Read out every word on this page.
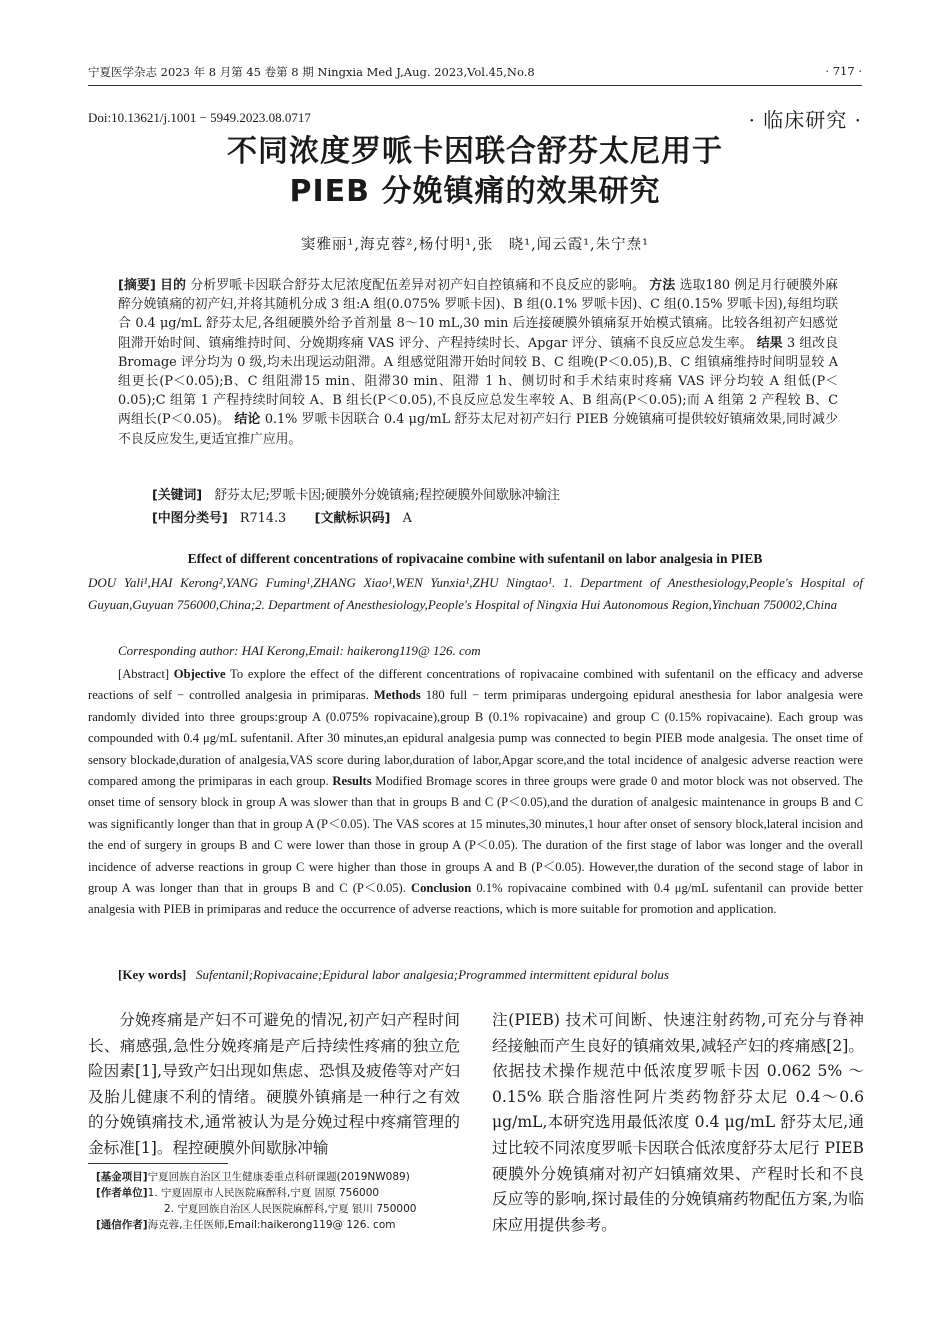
宁夏医学杂志 2023 年 8 月第 45 卷第 8 期 Ningxia Med J,Aug. 2023,Vol.45,No.8	· 717 ·
Doi:10.13621/j.1001 − 5949.2023.08.0717	· 临床研究 ·
不同浓度罗哌卡因联合舒芬太尼用于
PIEB 分娩镇痛的效果研究
窦雅丽¹,海克蓉²,杨付明¹,张　晓¹,闻云霞¹,朱宁焘¹
[摘要] 目的 分析罗哌卡因联合舒芬太尼浓度配伍差异对初产妇自控镇痛和不良反应的影响。 方法 选取180 例足月行硬膜外麻醉分娩镇痛的初产妇,并将其随机分成 3 组:A 组(0.075% 罗哌卡因)、B 组(0.1% 罗哌卡因)、C 组(0.15% 罗哌卡因),每组均联合 0.4 μg/mL 舒芬太尼,各组硬膜外给予首剂量 8～10 mL,30 min 后连接硬膜外镇痛泵开始模式镇痛。比较各组初产妇感觉阻滞开始时间、镇痛维持时间、分娩期疼痛 VAS 评分、产程持续时长、Apgar 评分、镇痛不良反应总发生率。 结果 3 组改良 Bromage 评分均为 0 级,均未出现运动阻滞。A 组感觉阻滞开始时间较 B、C 组晚(P＜0.05),B、C 组镇痛维持时间明显较 A 组更长(P＜0.05);B、C 组阻滞15 min、阻滞30 min、阻滞 1 h、侧切时和手术结束时疼痛 VAS 评分均较 A 组低(P＜0.05);C 组第 1 产程持续时间较 A、B 组长(P＜0.05),不良反应总发生率较 A、B 组高(P＜0.05);而 A 组第 2 产程较 B、C 两组长(P＜0.05)。 结论 0.1% 罗哌卡因联合 0.4 μg/mL 舒芬太尼对初产妇行 PIEB 分娩镇痛可提供较好镇痛效果,同时减少不良反应发生,更适宜推广应用。
[关键词] 舒芬太尼;罗哌卡因;硬膜外分娩镇痛;程控硬膜外间歇脉冲输注
[中图分类号] R714.3 [文献标识码] A
Effect of different concentrations of ropivacaine combine with sufentanil on labor analgesia in PIEB
DOU Yali¹,HAI Kerong²,YANG Fuming¹,ZHANG Xiao¹,WEN Yunxia¹,ZHU Ningtao¹. 1. Department of Anesthesiology,People's Hospital of Guyuan,Guyuan 756000,China;2. Department of Anesthesiology,People's Hospital of Ningxia Hui Autonomous Region,Yinchuan 750002,China
Corresponding author: HAI Kerong,Email: haikerong119@ 126. com
[Abstract] Objective To explore the effect of the different concentrations of ropivacaine combined with sufentanil on the efficacy and adverse reactions of self − controlled analgesia in primiparas. Methods 180 full − term primiparas undergoing epidural anesthesia for labor analgesia were randomly divided into three groups:group A (0.075% ropivacaine),group B (0.1% ropivacaine) and group C (0.15% ropivacaine). Each group was compounded with 0.4 μg/mL sufentanil. After 30 minutes,an epidural analgesia pump was connected to begin PIEB mode analgesia. The onset time of sensory blockade,duration of analgesia,VAS score during labor,duration of labor,Apgar score,and the total incidence of analgesic adverse reaction were compared among the primiparas in each group. Results Modified Bromage scores in three groups were grade 0 and motor block was not observed. The onset time of sensory block in group A was slower than that in groups B and C (P＜0.05),and the duration of analgesic maintenance in groups B and C was significantly longer than that in group A (P＜0.05). The VAS scores at 15 minutes,30 minutes,1 hour after onset of sensory block,lateral incision and the end of surgery in groups B and C were lower than those in group A (P＜0.05). The duration of the first stage of labor was longer and the overall incidence of adverse reactions in group C were higher than those in groups A and B (P＜0.05). However,the duration of the second stage of labor in group A was longer than that in groups B and C (P＜0.05). Conclusion 0.1% ropivacaine combined with 0.4 μg/mL sufentanil can provide better analgesia with PIEB in primiparas and reduce the occurrence of adverse reactions, which is more suitable for promotion and application.
[Key words] Sufentanil;Ropivacaine;Epidural labor analgesia;Programmed intermittent epidural bolus
分娩疼痛是产妇不可避免的情况,初产妇产程时间长、痛感强,急性分娩疼痛是产后持续性疼痛的独立危险因素[1],导致产妇出现如焦虑、恐惧及疲倦等对产妇及胎儿健康不利的情绪。硬膜外镇痛是一种行之有效的分娩镇痛技术,通常被认为是分娩过程中疼痛管理的金标准[1]。程控硬膜外间歇脉冲输
注(PIEB) 技术可间断、快速注射药物,可充分与脊神经接触而产生良好的镇痛效果,减轻产妇的疼痛感[2]。依据技术操作规范中低浓度罗哌卡因 0.062 5% ～0.15% 联合脂溶性阿片类药物舒芬太尼 0.4～0.6 μg/mL,本研究选用最低浓度 0.4 μg/mL 舒芬太尼,通过比较不同浓度罗哌卡因联合低浓度舒芬太尼行 PIEB 硬膜外分娩镇痛对初产妇镇痛效果、产程时长和不良反应等的影响,探讨最佳的分娩镇痛药物配伍方案,为临床应用提供参考。
[基金项目]宁夏回族自治区卫生健康委重点科研课题(2019NW089)
[作者单位]1. 宁夏固原市人民医院麻醉科,宁夏 固原 756000
2. 宁夏回族自治区人民医院麻醉科,宁夏 银川 750000
[通信作者]海克蓉,主任医师,Email:haikerong119@ 126. com
